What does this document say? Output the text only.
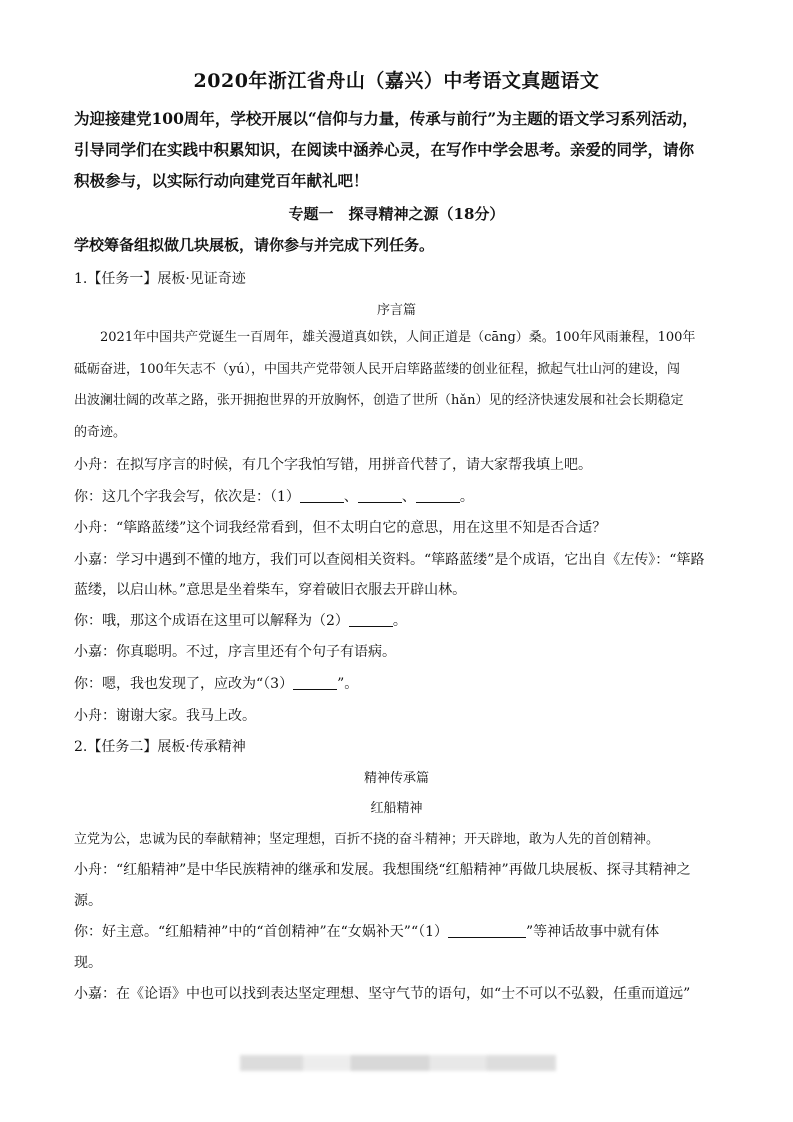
2020年浙江省舟山（嘉兴）中考语文真题语文

为迎接建党100周年，学校开展以“信仰与力量，传承与前行”为主题的语文学习系列活动，

引导同学们在实践中积累知识，在阅读中涵养心灵，在写作中学会思考。亲爱的同学，请你

积极参与，以实际行动向建党百年献礼吧！

专题一　探寻精神之源（18分）
学校筹备组拟做几块展板，请你参与并完成下列任务。
1.【任务一】展板·见证奇迹
序言篇

2021年中国共产党诞生一百周年，雄关漫道真如铁，人间正道是（cāng）桑。100年风雨兼程，100年

砥砺奋进，100年矢志不（yú），中国共产党带领人民开启筚路蓝缕的创业征程，掀起气壮山河的建设，闯

出波澜壮阔的改革之路，张开拥抱世界的开放胸怀，创造了世所（hǎn）见的经济快速发展和社会长期稳定

的奇迹。

小舟：在拟写序言的时候，有几个字我怕写错，用拼音代替了，请大家帮我填上吧。
你：这几个字我会写，依次是：（1）	、	、	。
小舟：“筚路蓝缕”这个词我经常看到，但不太明白它的意思，用在这里不知是否合适？
小嘉：学习中遇到不懂的地方，我们可以查阅相关资料。“筚路蓝缕”是个成语，它出自《左传》：“筚路
蓝缕，以启山林。”意思是坐着柴车，穿着破旧衣服去开辟山林。
你：哦，那这个成语在这里可以解释为（2）	。
小嘉：你真聪明。不过，序言里还有个句子有语病。
你：嗯，我也发现了，应改为“（3）	”。
小舟：谢谢大家。我马上改。
2.【任务二】展板·传承精神
精神传承篇
红船精神
立党为公，忠诚为民的奉献精神；坚定理想，百折不挠的奋斗精神；开天辟地，敢为人先的首创精神。
小舟：“红船精神”是中华民族精神的继承和发展。我想围绕“红船精神”再做几块展板、探寻其精神之
源。
你：好主意。“红船精神”中的“首创精神”在“女娲补天”“（1）	”等神话故事中就有体
现。
小嘉：在《论语》中也可以找到表达坚定理想、坚守气节的语句，如“士不可以不弘毅，任重而道远”
